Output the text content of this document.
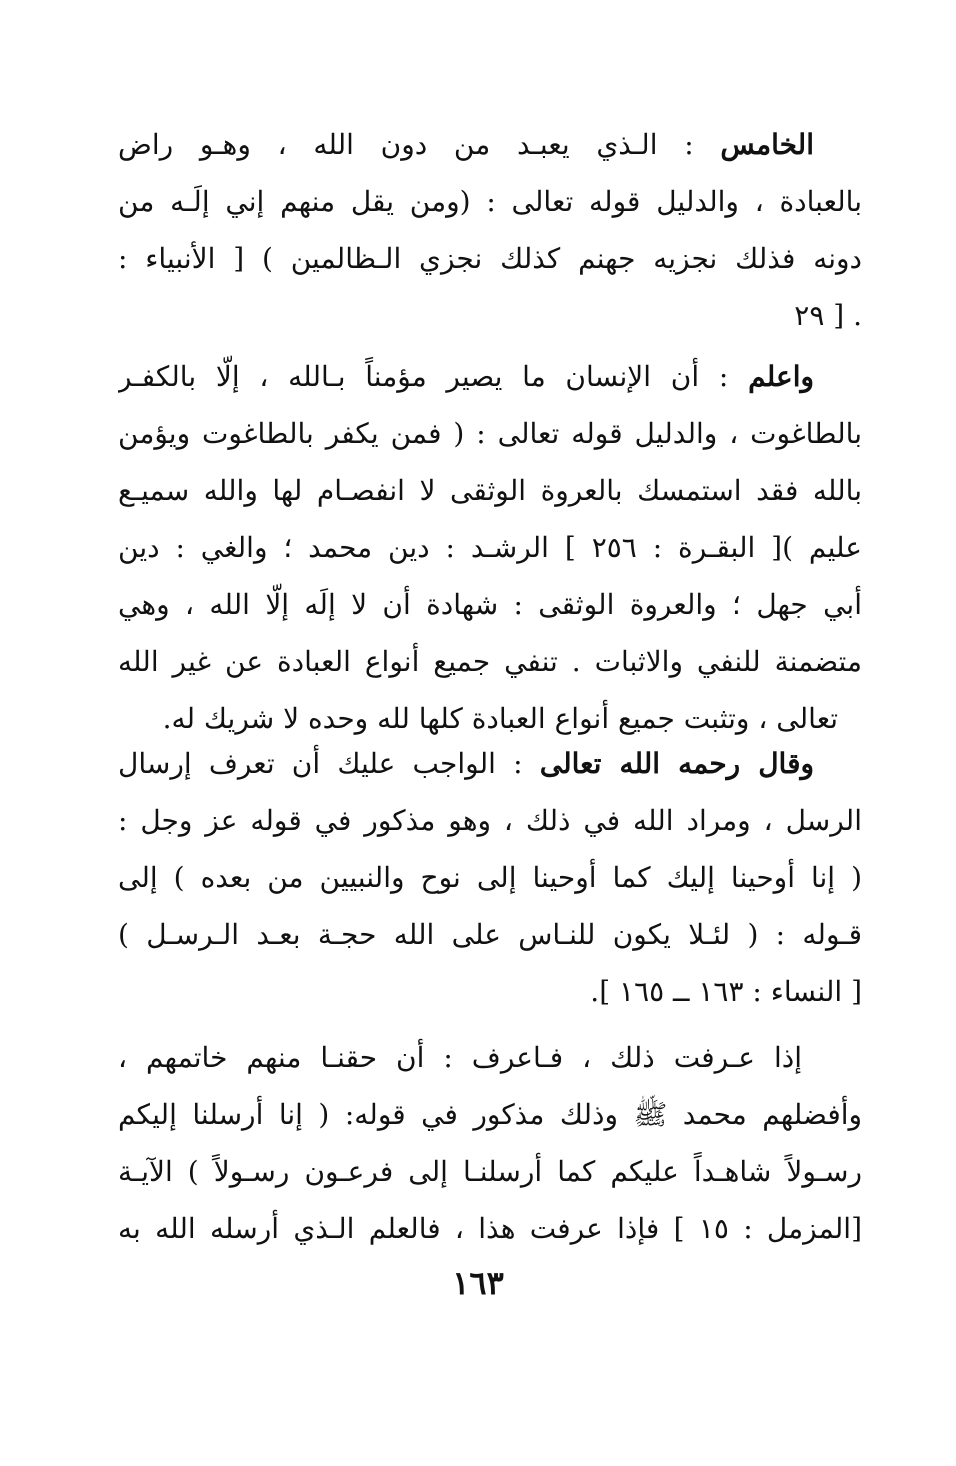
الخامس : الـذي يعبـد من دون الله ، وهـو راض
بالعبادة ، والدليل قوله تعالى : (ومن يقل منهم إني إلَـه من
دونه فذلك نجزيه جهنم كذلك نجزي الـظالمين ) [ الأنبياء :
. [ ٢٩
واعلم : أن الإنسان ما يصير مؤمناً بـالله ، إلّا بالكفـر
بالطاغوت ، والدليل قوله تعالى : ( فمن يكفر بالطاغوت ويؤمن
بالله فقد استمسك بالعروة الوثقى لا انفصـام لها والله سميـع
عليم )[ البقـرة : ٢٥٦ ] الرشـد : دين محمد ؛ والغي : دين
أبي جهل ؛ والعروة الوثقى : شهادة أن لا إلَه إلّا الله ، وهي
متضمنة للنفي والاثبات . تنفي جميع أنواع العبادة عن غير الله
تعالى ، وتثبت جميع أنواع العبادة كلها لله وحده لا شريك له.
وقال رحمه الله تعالى : الواجب عليك أن تعرف إرسال
الرسل ، ومراد الله في ذلك ، وهو مذكور في قوله عز وجل :
( إنا أوحينا إليك كما أوحينا إلى نوح والنبيين من بعده ) إلى
قـوله : ( لئـلا يكون للنـاس على الله حجـة بعـد الـرسـل )
[ النساء : ١٦٣ ــ ١٦٥ ].
إذا عـرفت ذلك ، فـاعرف : أن حقنـا منهم خاتمهم ،
وأفضلهم محمد ﷺ وذلك مذكور في قوله: ( إنا أرسلنا إليكم
رسـولاً شاهـداً عليكم كما أرسلنـا إلى فرعـون رسـولاً ) الآيـة
[المزمل : ١٥ ] فإذا عرفت هذا ، فالعلم الـذي أرسله الله به
١٦٣
